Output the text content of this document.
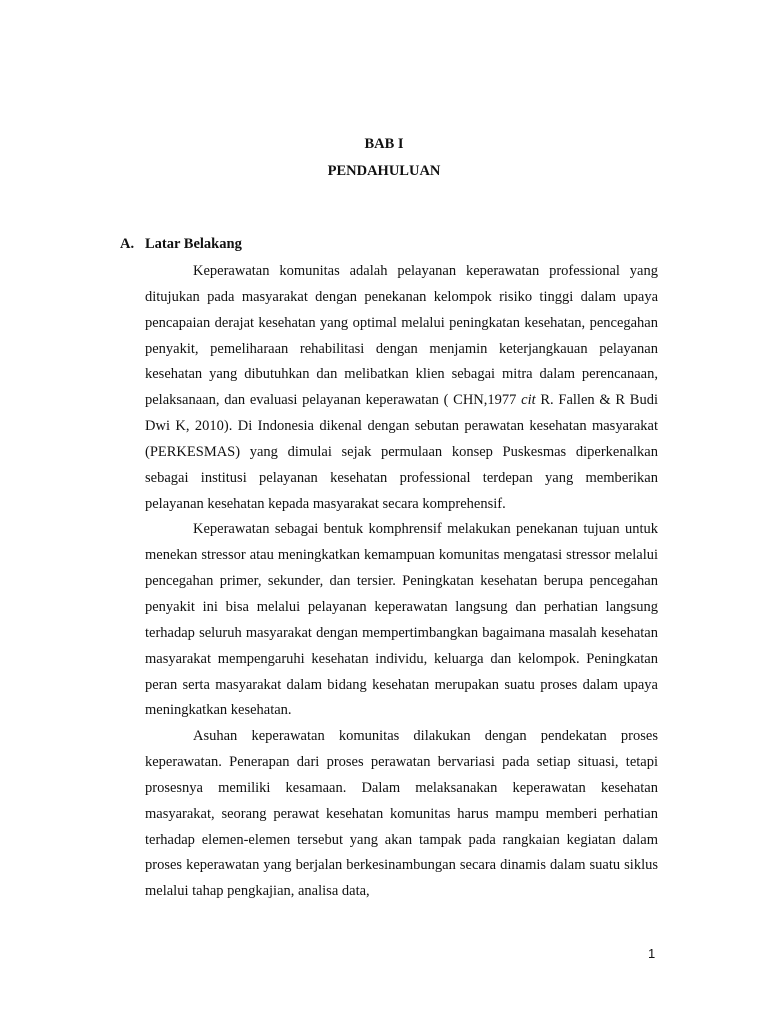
BAB I
PENDAHULUAN
A. Latar Belakang

Keperawatan komunitas adalah pelayanan keperawatan professional yang ditujukan pada masyarakat dengan penekanan kelompok risiko tinggi dalam upaya pencapaian derajat kesehatan yang optimal melalui peningkatan kesehatan, pencegahan penyakit, pemeliharaan rehabilitasi dengan menjamin keterjangkauan pelayanan kesehatan yang dibutuhkan dan melibatkan klien sebagai mitra dalam perencanaan, pelaksanaan, dan evaluasi pelayanan keperawatan ( CHN,1977 cit R. Fallen & R Budi Dwi K, 2010). Di Indonesia dikenal dengan sebutan perawatan kesehatan masyarakat (PERKESMAS) yang dimulai sejak permulaan konsep Puskesmas diperkenalkan sebagai institusi pelayanan kesehatan professional terdepan yang memberikan pelayanan kesehatan kepada masyarakat secara komprehensif.

Keperawatan sebagai bentuk komphrensif melakukan penekanan tujuan untuk menekan stressor atau meningkatkan kemampuan komunitas mengatasi stressor melalui pencegahan primer, sekunder, dan tersier. Peningkatan kesehatan berupa pencegahan penyakit ini bisa melalui pelayanan keperawatan langsung dan perhatian langsung terhadap seluruh masyarakat dengan mempertimbangkan bagaimana masalah kesehatan masyarakat mempengaruhi kesehatan individu, keluarga dan kelompok. Peningkatan peran serta masyarakat dalam bidang kesehatan merupakan suatu proses dalam upaya meningkatkan kesehatan.

Asuhan keperawatan komunitas dilakukan dengan pendekatan proses keperawatan. Penerapan dari proses perawatan bervariasi pada setiap situasi, tetapi prosesnya memiliki kesamaan. Dalam melaksanakan keperawatan kesehatan masyarakat, seorang perawat kesehatan komunitas harus mampu memberi perhatian terhadap elemen-elemen tersebut yang akan tampak pada rangkaian kegiatan dalam proses keperawatan yang berjalan berkesinambungan secara dinamis dalam suatu siklus melalui tahap pengkajian, analisa data,

1
